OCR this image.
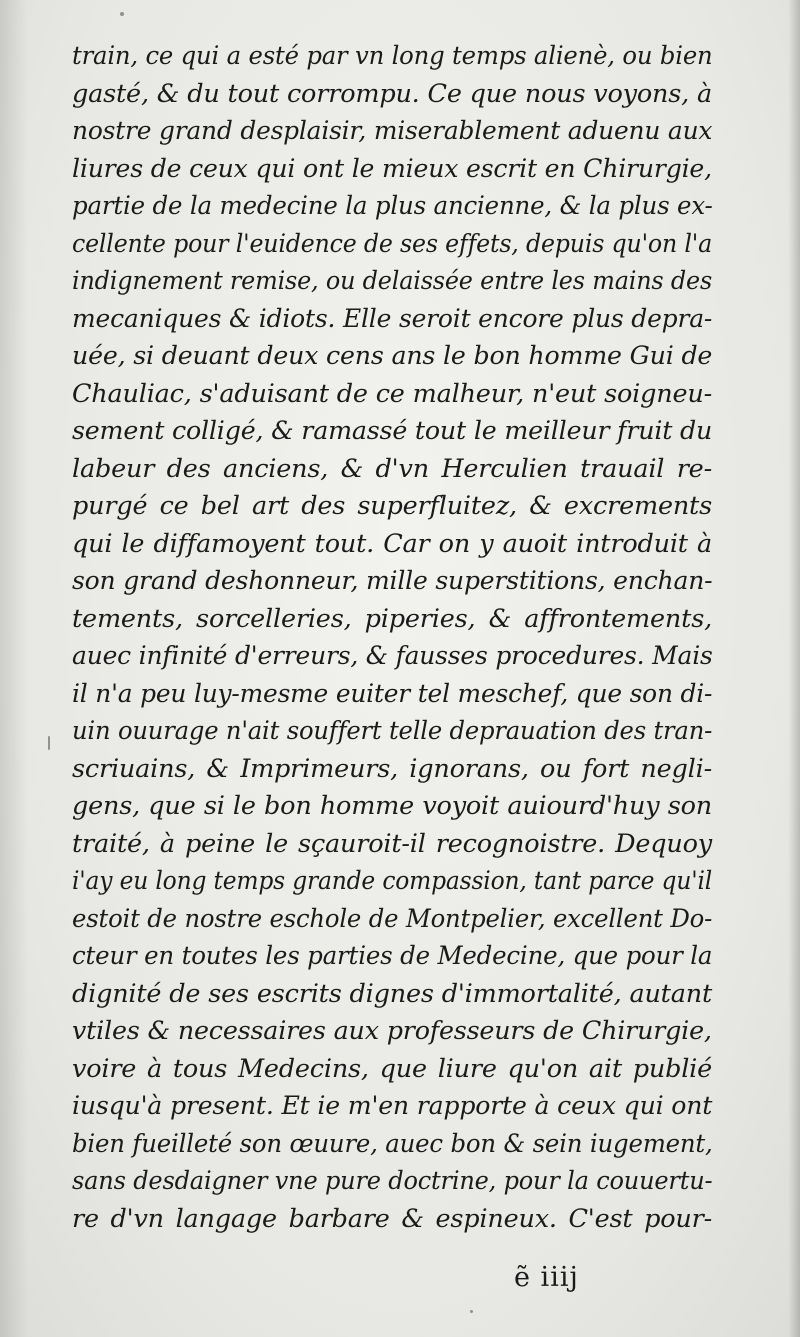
train, ce qui a esté par vn long temps alienè, ou bien
gasté, & du tout corrompu. Ce que nous voyons, à
nostre grand desplaisir, miserablement aduenu aux
liures de ceux qui ont le mieux escrit en Chirurgie,
partie de la medecine la plus ancienne, & la plus ex-
cellente pour l'euidence de ses effets, depuis qu'on l'a
indignement remise, ou delaissée entre les mains des
mecaniques & idiots. Elle seroit encore plus depra-
uée, si deuant deux cens ans le bon homme Gui de
Chauliac, s'aduisant de ce malheur, n'eut soigneu-
sement colligé, & ramassé tout le meilleur fruit du
labeur des anciens, & d'vn Herculien trauail re-
purgé ce bel art des superfluitez, & excrements
qui le diffamoyent tout. Car on y auoit introduit à
son grand deshonneur, mille superstitions, enchan-
tements, sorcelleries, piperies, & affrontements,
auec infinité d'erreurs, & fausses procedures. Mais
il n'a peu luy-mesme euiter tel meschef, que son di-
uin ouurage n'ait souffert telle deprauation des tran-
scriuains, & Imprimeurs, ignorans, ou fort negli-
gens, que si le bon homme voyoit auiourd'huy son
traité, à peine le sçauroit-il recognoistre. Dequoy
i'ay eu long temps grande compassion, tant parce qu'il
estoit de nostre eschole de Montpelier, excellent Do-
cteur en toutes les parties de Medecine, que pour la
dignité de ses escrits dignes d'immortalité, autant
vtiles & necessaires aux professeurs de Chirurgie,
voire à tous Medecins, que liure qu'on ait publié
iusqu'à present. Et ie m'en rapporte à ceux qui ont
bien fueilleté son œuure, auec bon & sein iugement,
sans desdaigner vne pure doctrine, pour la couuertu-
re d'vn langage barbare & espineux. C'est pour-
ẽ iiij
